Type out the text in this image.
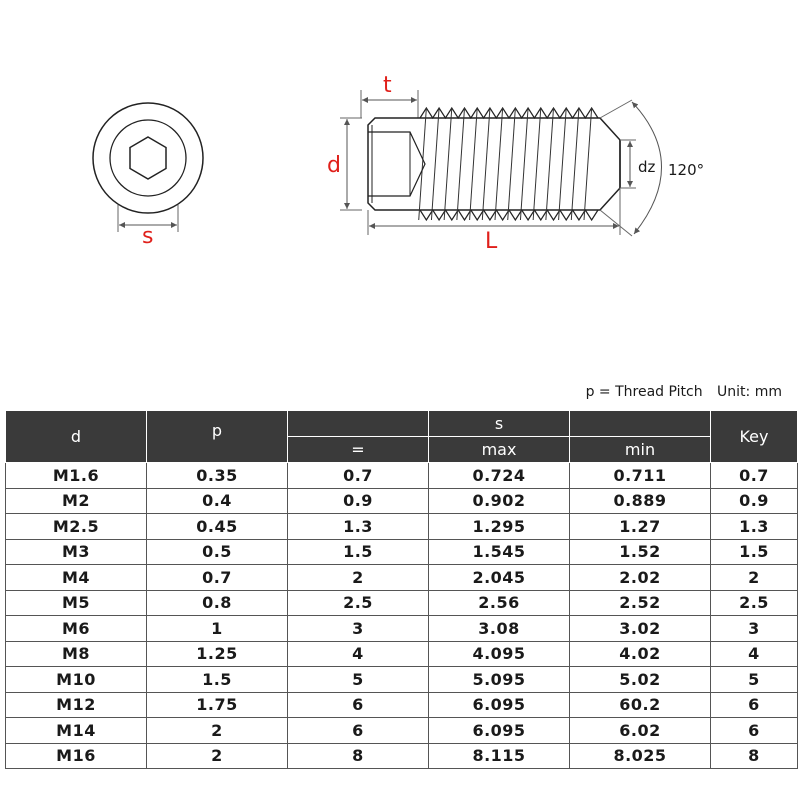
s
t
d	dz 120°
L
p = Thread Pitch Unit: mm
d	p		s		Key
		=	max	min	
M1.6	0.35	0.7	0.724	0.711	0.7
M2	0.4	0.9	0.902	0.889	0.9
M2.5	0.45	1.3	1.295	1.27	1.3
M3	0.5	1.5	1.545	1.52	1.5
M4	0.7	2	2.045	2.02	2
M5	0.8	2.5	2.56	2.52	2.5
M6	1	3	3.08	3.02	3
M8	1.25	4	4.095	4.02	4
M10	1.5	5	5.095	5.02	5
M12	1.75	6	6.095	60.2	6
M14	2	6	6.095	6.02	6
M16	2	8	8.115	8.025	8
